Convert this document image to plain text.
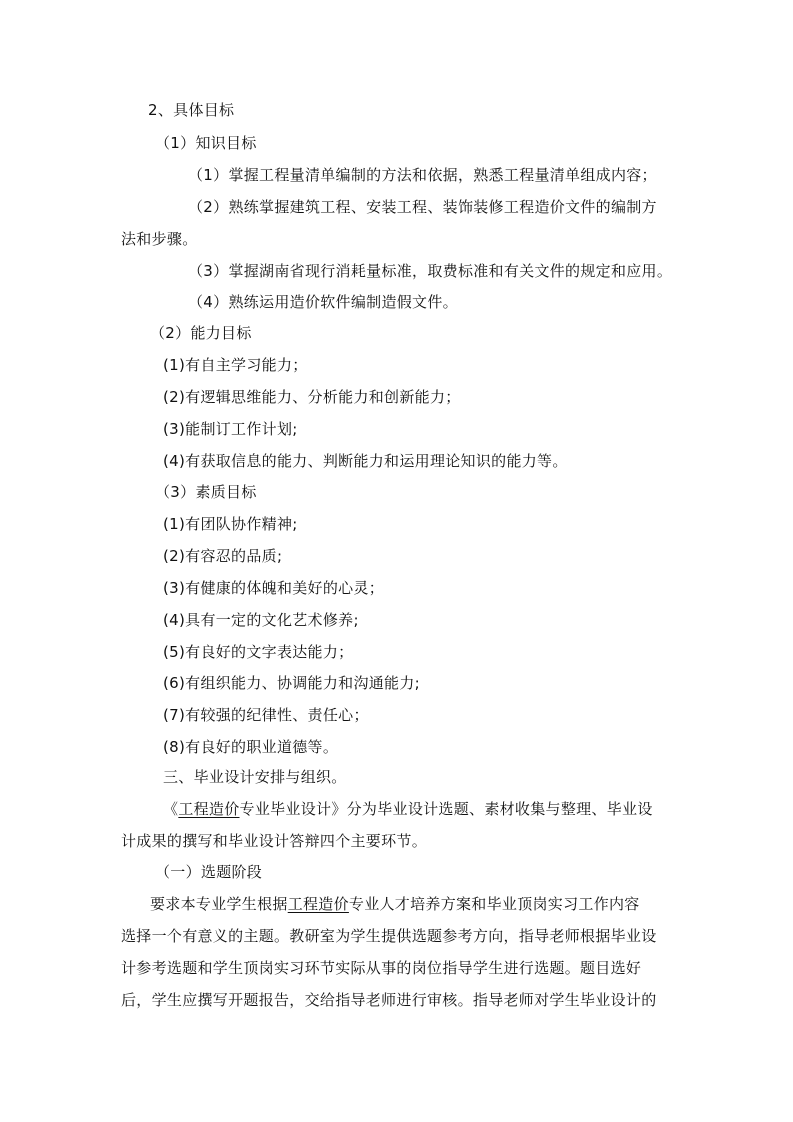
2、具体目标
（1）知识目标
（1）掌握工程量清单编制的方法和依据，熟悉工程量清单组成内容；
（2）熟练掌握建筑工程、安装工程、装饰装修工程造价文件的编制方
法和步骤。
（3）掌握湖南省现行消耗量标准，取费标准和有关文件的规定和应用。
（4）熟练运用造价软件编制造假文件。
（2）能力目标
(1)有自主学习能力；
(2)有逻辑思维能力、分析能力和创新能力；
(3)能制订工作计划;
(4)有获取信息的能力、判断能力和运用理论知识的能力等。
（3）素质目标
(1)有团队协作精神;
(2)有容忍的品质;
(3)有健康的体魄和美好的心灵；
(4)具有一定的文化艺术修养;
(5)有良好的文字表达能力；
(6)有组织能力、协调能力和沟通能力;
(7)有较强的纪律性、责任心；
(8)有良好的职业道德等。
三、毕业设计安排与组织。
《工程造价专业毕业设计》分为毕业设计选题、素材收集与整理、毕业设
计成果的撰写和毕业设计答辩四个主要环节。
（一）选题阶段
要求本专业学生根据工程造价专业人才培养方案和毕业顶岗实习工作内容
选择一个有意义的主题。教研室为学生提供选题参考方向，指导老师根据毕业设
计参考选题和学生顶岗实习环节实际从事的岗位指导学生进行选题。题目选好
后，学生应撰写开题报告，交给指导老师进行审核。指导老师对学生毕业设计的
